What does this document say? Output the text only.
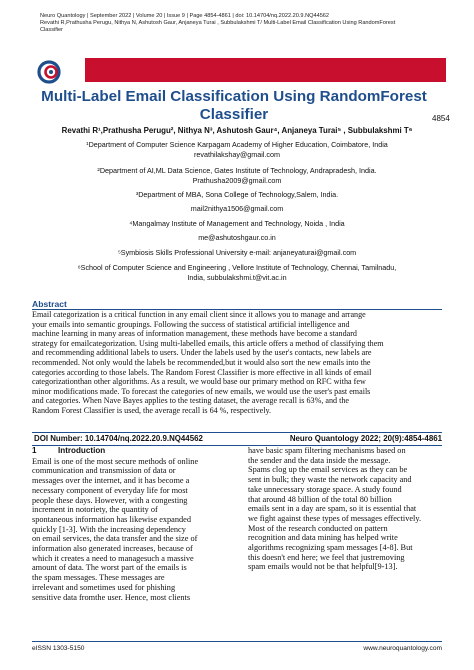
Neuro Quantology | September 2022 | Volume 20 | Issue 9 | Page 4854-4861 | doi: 10.14704/nq.2022.20.9.NQ44562
Revathi R,Prathusha Perugu, Nithya N, Ashutosh Gaur, Anjaneya Turai , Subbulakshmi T/ Multi-Label Email Classification Using RandomForest
Classifier
4854
Multi-Label Email Classification Using RandomForest
Classifier
Revathi R¹,Prathusha Perugu², Nithya N³, Ashutosh Gaur⁴, Anjaneya Turai⁵ , Subbulakshmi T⁶
¹Department of Computer Science Karpagam Academy of Higher Education, Coimbatore, India
revathilakshay@gmail.com
²Department of AI,ML Data Science, Gates Institute of Technology, Andrapradesh, India.
Prathusha2009@gmail.com
³Department of MBA, Sona College of Technology,Salem, India.
mail2nithya1506@gmail.com
⁴Mangalmay Institute of Management and Technology, Noida , India
me@ashutoshgaur.co.in
⁵Symbiosis Skills Professional University e-mail: anjaneyaturai@gmail.com
⁶School of Computer Science and Engineering , Vellore Institute of Technology, Chennai, Tamilnadu,
India, subbulakshmi.t@vit.ac.in
Abstract
Email categorization is a critical function in any email client since it allows you to manage and arrange
your emails into semantic groupings. Following the success of statistical artificial intelligence and
machine learning in many areas of information management, these methods have become a standard
strategy for emailcategorization. Using multi-labelled emails, this article offers a method of classifying them
and recommending additional labels to users. Under the labels used by the user's contacts, new labels are
recommended. Not only would the labels be recommended,but it would also sort the new emails into the
categories according to those labels. The Random Forest Classifier is more effective in all kinds of email
categorizationthan other algorithms. As a result, we would base our primary method on RFC witha few
minor modifications made. To forecast the categories of new emails, we would use the user's past emails
and categories. When Nave Bayes applies to the testing dataset, the average recall is 63%, and the
Random Forest Classifier is used, the average recall is 64 %, respectively.
DOI Number: 10.14704/nq.2022.20.9.NQ44562	Neuro Quantology 2022; 20(9):4854-4861
1	Introduction
Email is one of the most secure methods of online
communication and transmission of data or
messages over the internet, and it has become a
necessary component of everyday life for most
people these days. However, with a congesting
increment in notoriety, the quantity of
spontaneous information has likewise expanded
quickly [1-3]. With the increasing dependency
on email services, the data transfer and the size of
information also generated increases, because of
which it creates a need to managesuch a massive
amount of data. The worst part of the emails is
the spam messages. These messages are
irrelevant and sometimes used for phishing
sensitive data fromthe user. Hence, most clients
have basic spam filtering mechanisms based on
the sender and the data inside the message.
Spams clog up the email services as they can be
sent in bulk; they waste the network capacity and
take unnecessary storage space. A study found
that around 48 billion of the total 80 billion
emails sent in a day are spam, so it is essential that
we fight against these types of messages effectively.
Most of the research conducted on pattern
recognition and data mining has helped write
algorithms recognizing spam messages [4-8]. But
this doesn't end here; we feel that justremoving
spam emails would not be that helpful[9-13].
eISSN 1303-5150	www.neuroquantology.com
